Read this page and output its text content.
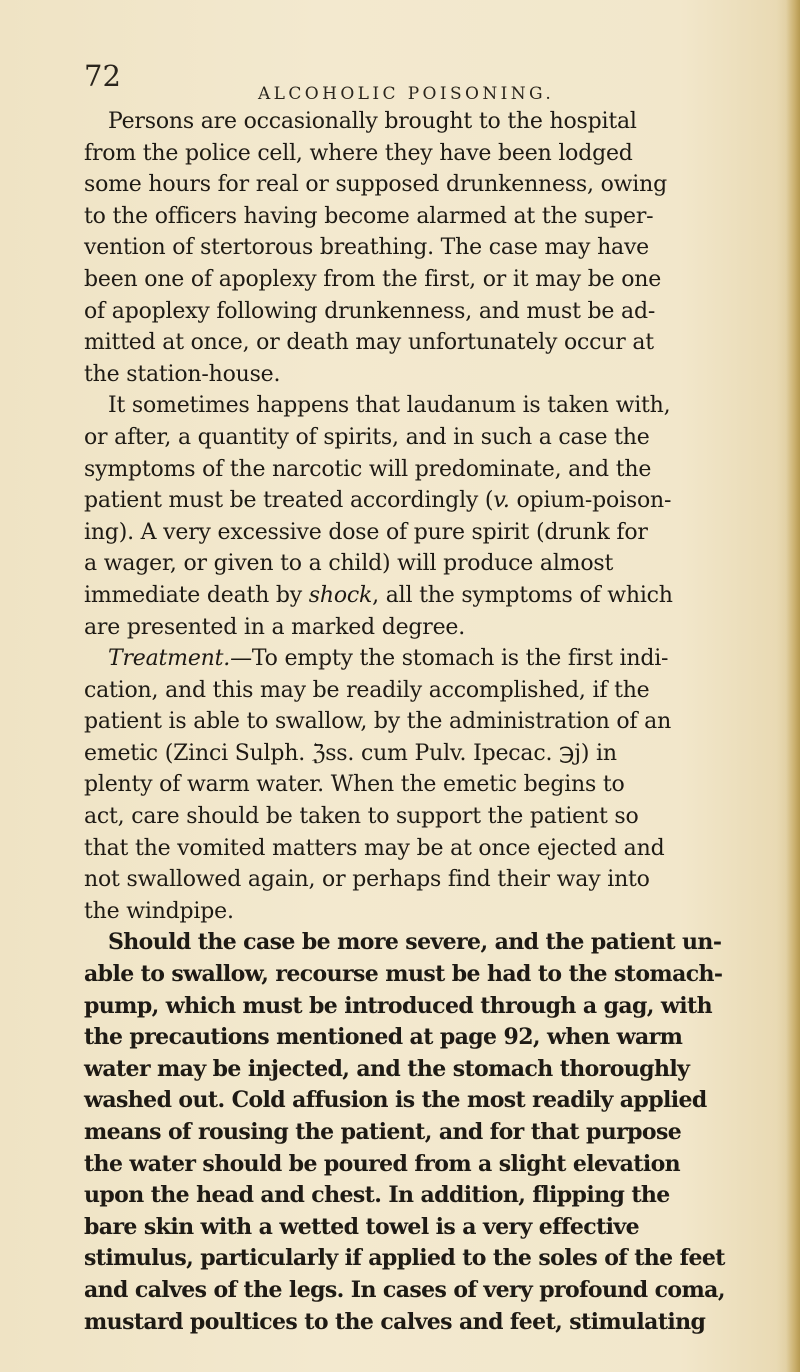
72
ALCOHOLIC POISONING.
Persons are occasionally brought to the hospital
from the police cell, where they have been lodged
some hours for real or supposed drunkenness, owing
to the officers having become alarmed at the super-
vention of stertorous breathing. The case may have
been one of apoplexy from the first, or it may be one
of apoplexy following drunkenness, and must be ad-
mitted at once, or death may unfortunately occur at
the station-house.
It sometimes happens that laudanum is taken with,
or after, a quantity of spirits, and in such a case the
symptoms of the narcotic will predominate, and the
patient must be treated accordingly (v. opium-poison-
ing). A very excessive dose of pure spirit (drunk for
a wager, or given to a child) will produce almost
immediate death by shock, all the symptoms of which
are presented in a marked degree.
Treatment.—To empty the stomach is the first indi-
cation, and this may be readily accomplished, if the
patient is able to swallow, by the administration of an
emetic (Zinci Sulph. ℨss. cum Pulv. Ipecac. ℈j) in
plenty of warm water. When the emetic begins to
act, care should be taken to support the patient so
that the vomited matters may be at once ejected and
not swallowed again, or perhaps find their way into
the windpipe.
Should the case be more severe, and the patient un-
able to swallow, recourse must be had to the stomach-
pump, which must be introduced through a gag, with
the precautions mentioned at page 92, when warm
water may be injected, and the stomach thoroughly
washed out. Cold affusion is the most readily applied
means of rousing the patient, and for that purpose
the water should be poured from a slight elevation
upon the head and chest. In addition, flipping the
bare skin with a wetted towel is a very effective
stimulus, particularly if applied to the soles of the feet
and calves of the legs. In cases of very profound coma,
mustard poultices to the calves and feet, stimulating
